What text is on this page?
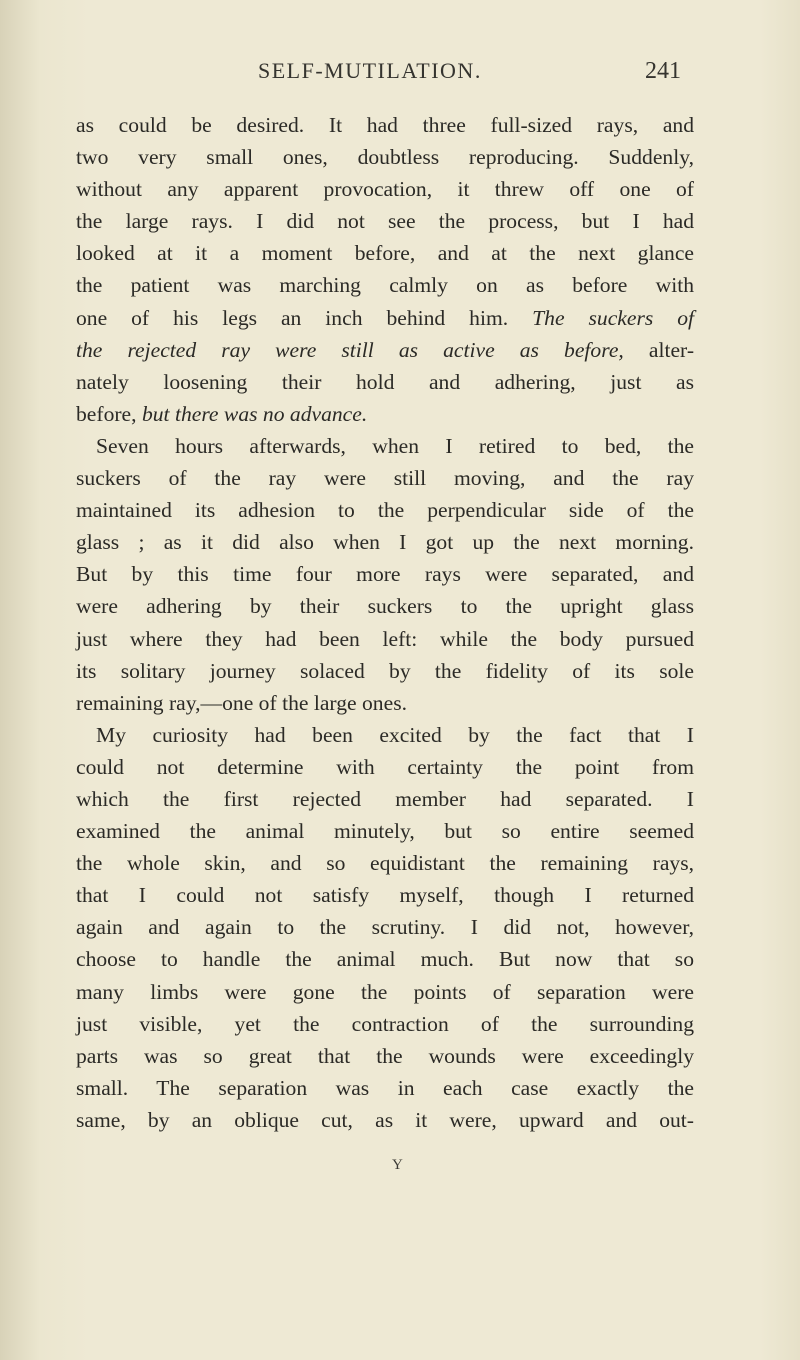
SELF-MUTILATION.	241
as could be desired. It had three full-sized rays, and
two very small ones, doubtless reproducing. Suddenly,
without any apparent provocation, it threw off one of
the large rays. I did not see the process, but I had
looked at it a moment before, and at the next glance
the patient was marching calmly on as before with
one of his legs an inch behind him. The suckers of
the rejected ray were still as active as before, alter-
nately loosening their hold and adhering, just as
before, but there was no advance.
Seven hours afterwards, when I retired to bed, the
suckers of the ray were still moving, and the ray
maintained its adhesion to the perpendicular side of the
glass ; as it did also when I got up the next morning.
But by this time four more rays were separated, and
were adhering by their suckers to the upright glass
just where they had been left: while the body pursued
its solitary journey solaced by the fidelity of its sole
remaining ray,—one of the large ones.
My curiosity had been excited by the fact that I
could not determine with certainty the point from
which the first rejected member had separated. I
examined the animal minutely, but so entire seemed
the whole skin, and so equidistant the remaining rays,
that I could not satisfy myself, though I returned
again and again to the scrutiny. I did not, however,
choose to handle the animal much. But now that so
many limbs were gone the points of separation were
just visible, yet the contraction of the surrounding
parts was so great that the wounds were exceedingly
small. The separation was in each case exactly the
same, by an oblique cut, as it were, upward and out-
Y
